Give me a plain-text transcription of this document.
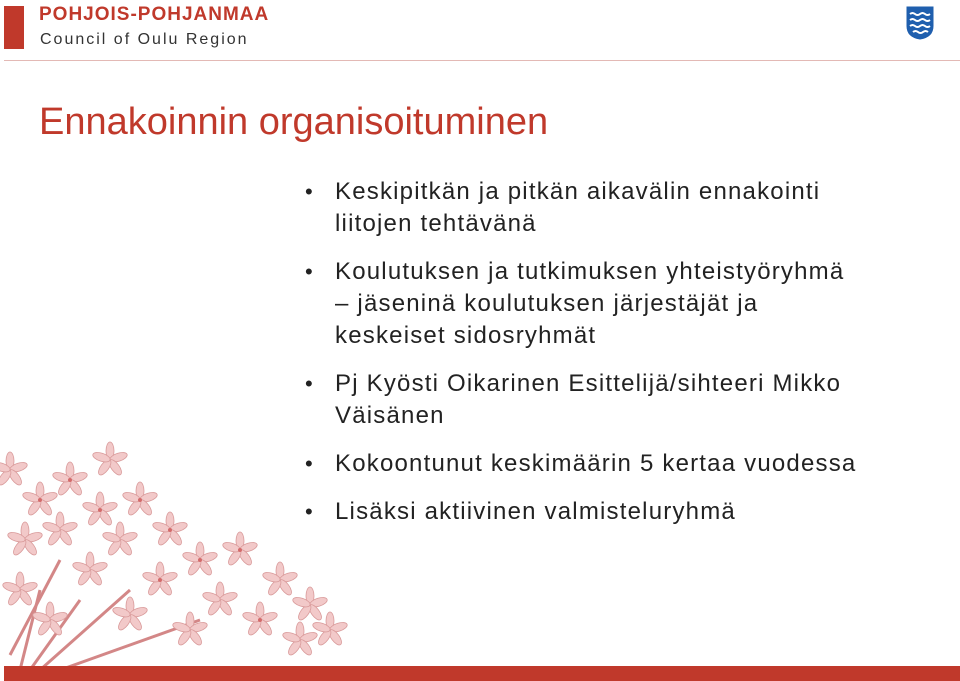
POHJOIS-POHJANMAA
Council of Oulu Region
Ennakoinnin organisoituminen
• Keskipitkän ja pitkän aikavälin ennakointi
liitojen tehtävänä
• Koulutuksen ja tutkimuksen yhteistyöryhmä
– jäseninä koulutuksen järjestäjät ja
keskeiset sidosryhmät
• Pj Kyösti Oikarinen Esittelijä/sihteeri Mikko
Väisänen
• Kokoontunut keskimäärin 5 kertaa vuodessa
• Lisäksi aktiivinen valmisteluryhmä
